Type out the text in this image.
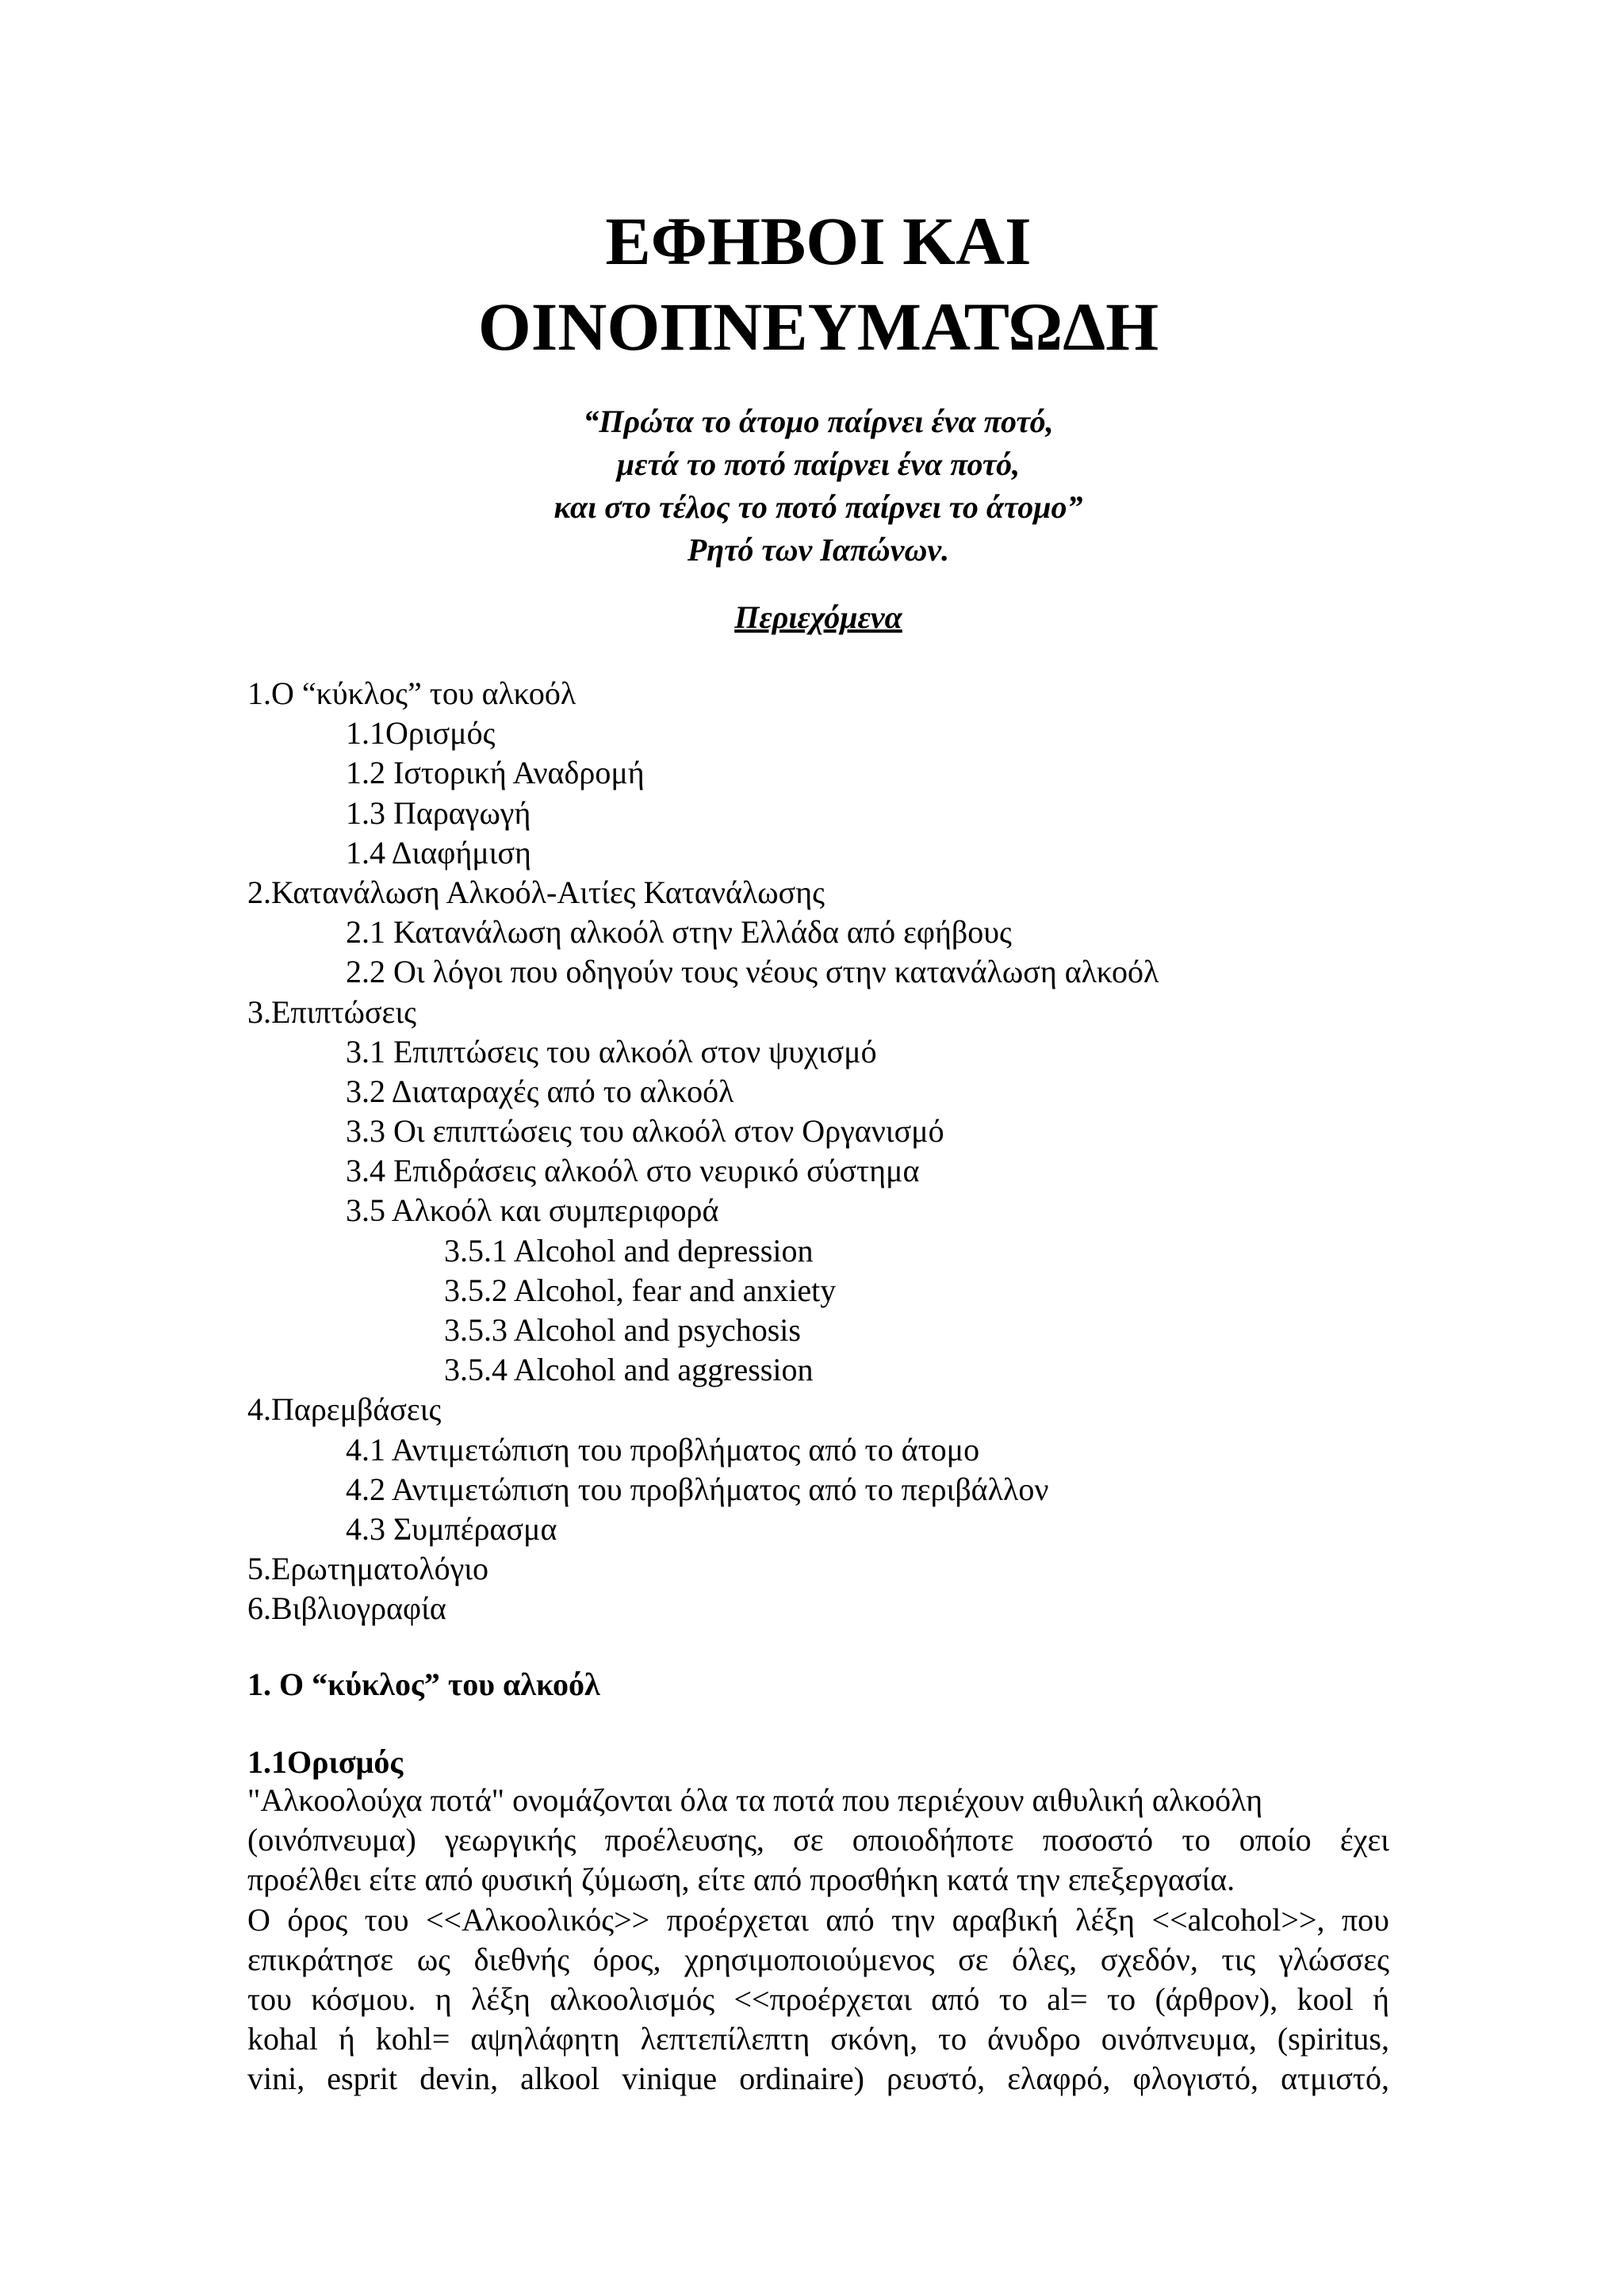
ΕΦΗΒΟΙ ΚΑΙ
ΟΙΝΟΠΝΕΥΜΑΤΩΔΗ
“Πρώτα το άτομο παίρνει ένα ποτό,
μετά το ποτό παίρνει ένα ποτό,
και στο τέλος το ποτό παίρνει το άτομο”
Ρητό των Ιαπώνων.
Περιεχόμενα
1.Ο “κύκλος” του αλκοόλ
1.1Ορισμός
1.2 Ιστορική Αναδρομή
1.3 Παραγωγή
1.4 Διαφήμιση
2.Κατανάλωση Αλκοόλ-Αιτίες Κατανάλωσης
2.1 Κατανάλωση αλκοόλ στην Ελλάδα από εφήβους
2.2 Οι λόγοι που οδηγούν τους νέους στην κατανάλωση αλκοόλ
3.Επιπτώσεις
3.1 Επιπτώσεις του αλκοόλ στον ψυχισμό
3.2 Διαταραχές από το αλκοόλ
3.3 Οι επιπτώσεις του αλκοόλ στον Οργανισμό
3.4 Επιδράσεις αλκοόλ στο νευρικό σύστημα
3.5 Αλκοόλ και συμπεριφορά
3.5.1 Alcohol and depression
3.5.2 Alcohol, fear and anxiety
3.5.3 Alcohol and psychosis
3.5.4 Alcohol and aggression
4.Παρεμβάσεις
4.1 Αντιμετώπιση του προβλήματος από το άτομο
4.2 Αντιμετώπιση του προβλήματος από το περιβάλλον
4.3 Συμπέρασμα
5.Ερωτηματολόγιο
6.Βιβλιογραφία
1. Ο “κύκλος” του αλκοόλ
1.1Ορισμός
"Αλκοολούχα ποτά" ονομάζονται όλα τα ποτά που περιέχουν αιθυλική αλκοόλη
(οινόπνευμα) γεωργικής προέλευσης, σε οποιοδήποτε ποσοστό το οποίο έχει
προέλθει είτε από φυσική ζύμωση, είτε από προσθήκη κατά την επεξεργασία.
Ο όρος του <<Αλκοολικός>> προέρχεται από την αραβική λέξη <<alcohol>>, που
επικράτησε ως διεθνής όρος, χρησιμοποιούμενος σε όλες, σχεδόν, τις γλώσσες
του κόσμου. η λέξη αλκοολισμός <<προέρχεται από το al= το (άρθρον), kool ή
kohal ή kohl= αψηλάφητη λεπτεπίλεπτη σκόνη, το άνυδρο οινόπνευμα, (spiritus,
vini, esprit devin, alkool vinique ordinaire) ρευστό, ελαφρό, φλογιστό, ατμιστό,
